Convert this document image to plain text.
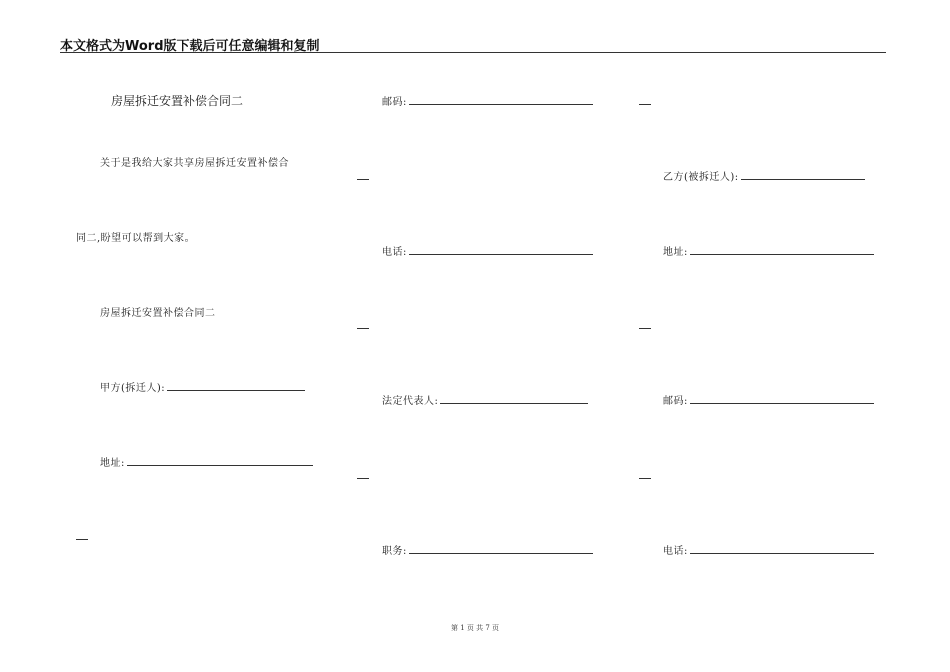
本文格式为Word版下载后可任意编辑和复制
房屋拆迁安置补偿合同二
关于是我给大家共享房屋拆迁安置补偿合
同二,盼望可以帮到大家。
房屋拆迁安置补偿合同二
甲方(拆迁人):
地址:
邮码:
电话:
法定代表人:
职务:
乙方(被拆迁人):
地址:
邮码:
电话:
第 1 页 共 7 页
